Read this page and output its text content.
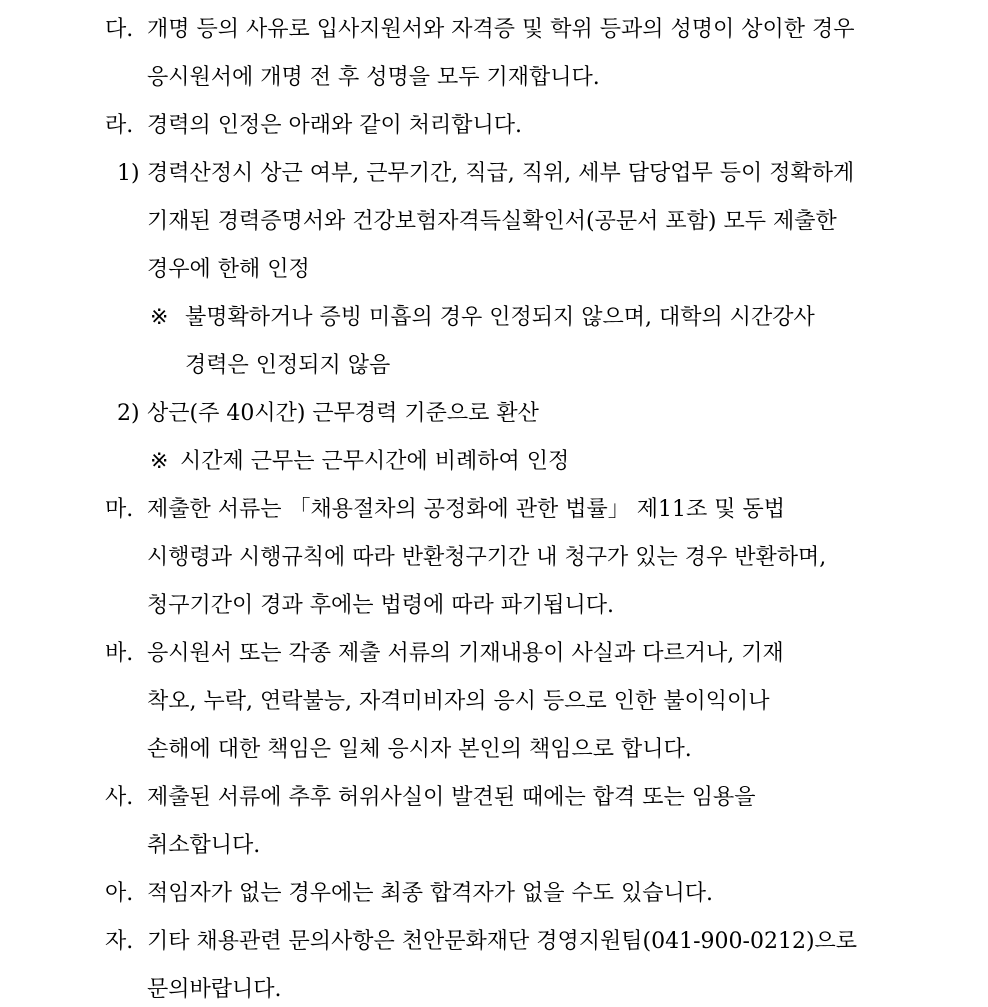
다. 개명 등의 사유로 입사지원서와 자격증 및 학위 등과의 성명이 상이한 경우
응시원서에 개명 전 후 성명을 모두 기재합니다.
라. 경력의 인정은 아래와 같이 처리합니다.
1) 경력산정시 상근 여부, 근무기간, 직급, 직위, 세부 담당업무 등이 정확하게
기재된 경력증명서와 건강보험자격득실확인서(공문서 포함) 모두 제출한
경우에 한해 인정
※ 불명확하거나 증빙 미흡의 경우 인정되지 않으며, 대학의 시간강사
경력은 인정되지 않음
2) 상근(주 40시간) 근무경력 기준으로 환산
※ 시간제 근무는 근무시간에 비례하여 인정
마. 제출한 서류는 「채용절차의 공정화에 관한 법률」 제11조 및 동법
시행령과 시행규칙에 따라 반환청구기간 내 청구가 있는 경우 반환하며,
청구기간이 경과 후에는 법령에 따라 파기됩니다.
바. 응시원서 또는 각종 제출 서류의 기재내용이 사실과 다르거나, 기재
착오, 누락, 연락불능, 자격미비자의 응시 등으로 인한 불이익이나
손해에 대한 책임은 일체 응시자 본인의 책임으로 합니다.
사. 제출된 서류에 추후 허위사실이 발견된 때에는 합격 또는 임용을
취소합니다.
아. 적임자가 없는 경우에는 최종 합격자가 없을 수도 있습니다.
자. 기타 채용관련 문의사항은 천안문화재단 경영지원팀(041-900-0212)으로
문의바랍니다.
